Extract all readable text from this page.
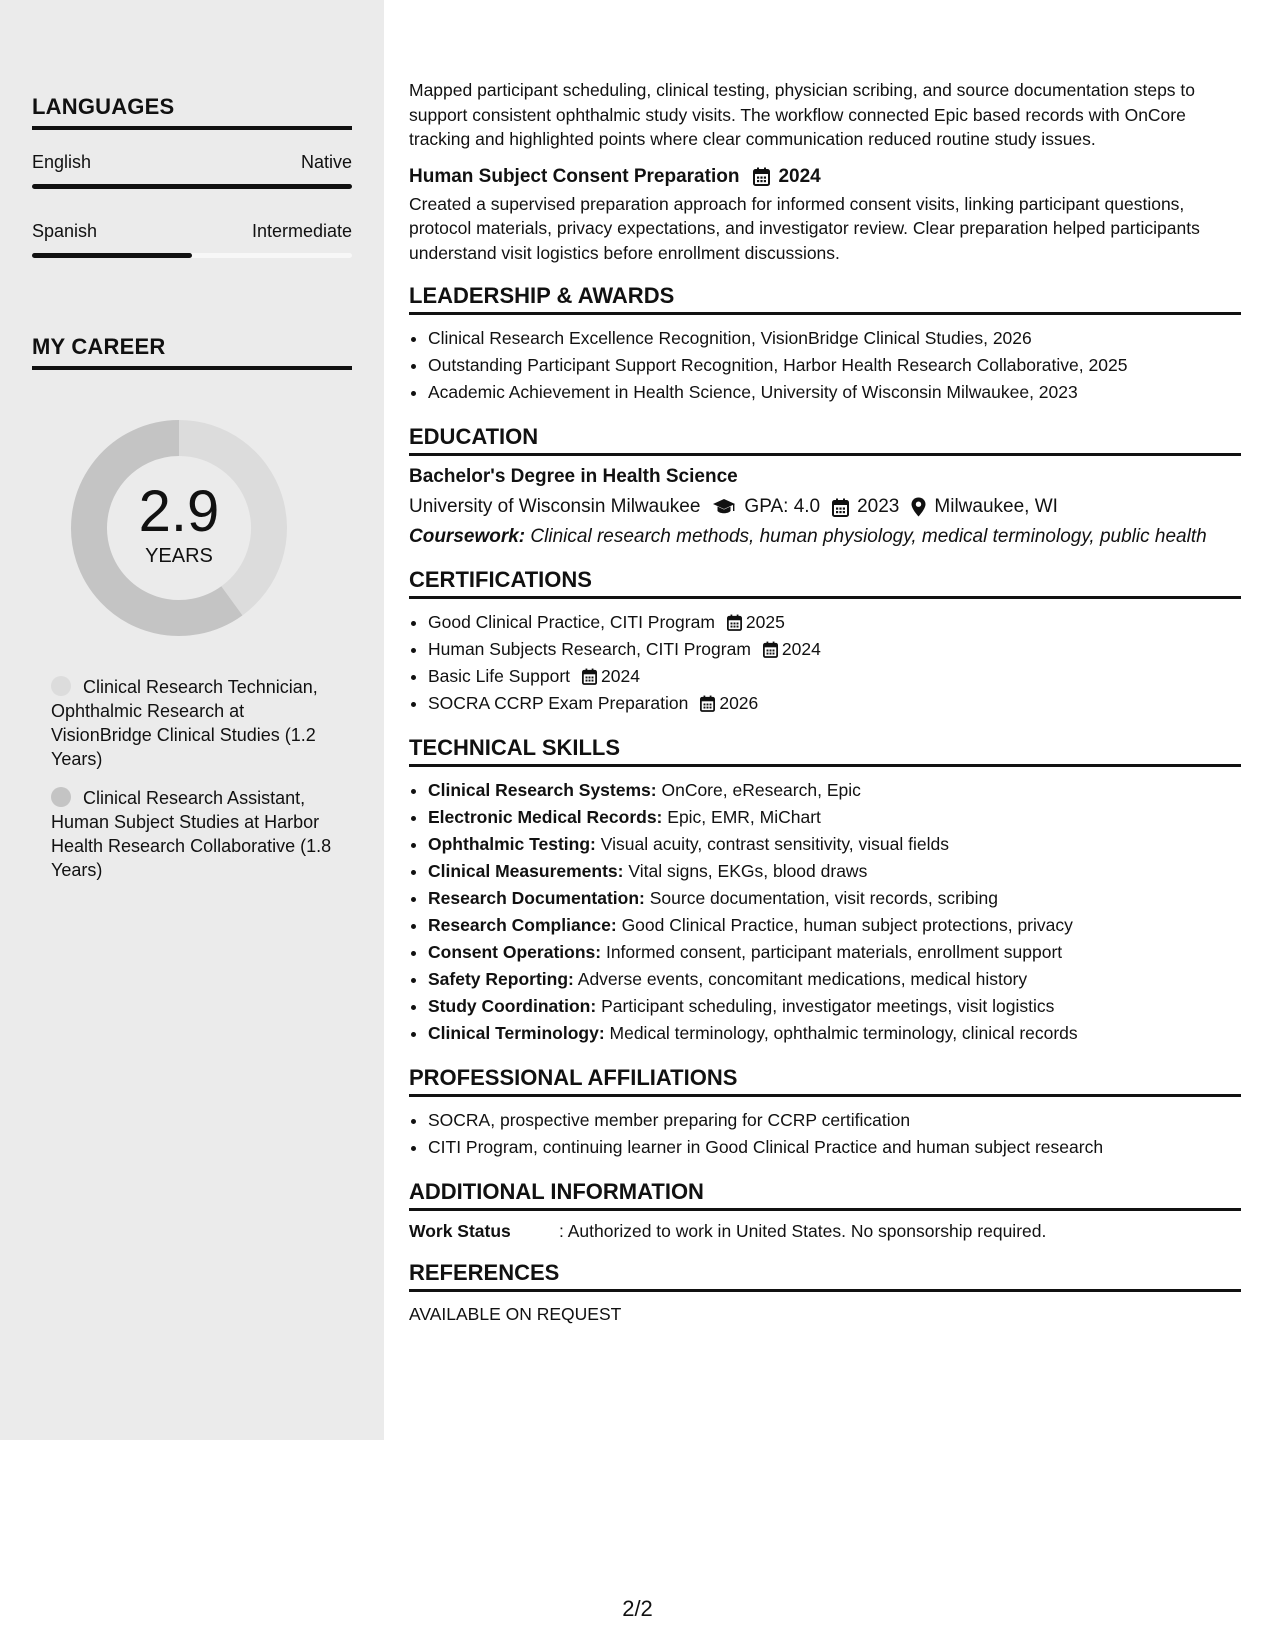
LANGUAGES
English	Native
Spanish	Intermediate
MY CAREER
2.9
YEARS
Clinical Research Technician, Ophthalmic Research at VisionBridge Clinical Studies (1.2 Years)
Clinical Research Assistant, Human Subject Studies at Harbor Health Research Collaborative (1.8 Years)

Mapped participant scheduling, clinical testing, physician scribing, and source documentation steps to support consistent ophthalmic study visits. The workflow connected Epic based records with OnCore tracking and highlighted points where clear communication reduced routine study issues.

Human Subject Consent Preparation 2024

Created a supervised preparation approach for informed consent visits, linking participant questions, protocol materials, privacy expectations, and investigator review. Clear preparation helped participants understand visit logistics before enrollment discussions.

LEADERSHIP & AWARDS
• Clinical Research Excellence Recognition, VisionBridge Clinical Studies, 2026
• Outstanding Participant Support Recognition, Harbor Health Research Collaborative, 2025
• Academic Achievement in Health Science, University of Wisconsin Milwaukee, 2023
EDUCATION
Bachelor's Degree in Health Science
University of Wisconsin Milwaukee GPA: 4.0 2023 Milwaukee, WI
Coursework: Clinical research methods, human physiology, medical terminology, public health
CERTIFICATIONS
• Good Clinical Practice, CITI Program 2025
• Human Subjects Research, CITI Program 2024
• Basic Life Support 2024
• SOCRA CCRP Exam Preparation 2026
TECHNICAL SKILLS
• Clinical Research Systems: OnCore, eResearch, Epic
• Electronic Medical Records: Epic, EMR, MiChart
• Ophthalmic Testing: Visual acuity, contrast sensitivity, visual fields
• Clinical Measurements: Vital signs, EKGs, blood draws
• Research Documentation: Source documentation, visit records, scribing
• Research Compliance: Good Clinical Practice, human subject protections, privacy
• Consent Operations: Informed consent, participant materials, enrollment support
• Safety Reporting: Adverse events, concomitant medications, medical history
• Study Coordination: Participant scheduling, investigator meetings, visit logistics
• Clinical Terminology: Medical terminology, ophthalmic terminology, clinical records
PROFESSIONAL AFFILIATIONS
• SOCRA, prospective member preparing for CCRP certification
• CITI Program, continuing learner in Good Clinical Practice and human subject research
ADDITIONAL INFORMATION
Work Status	: Authorized to work in United States. No sponsorship required.
REFERENCES
AVAILABLE ON REQUEST
2/2
